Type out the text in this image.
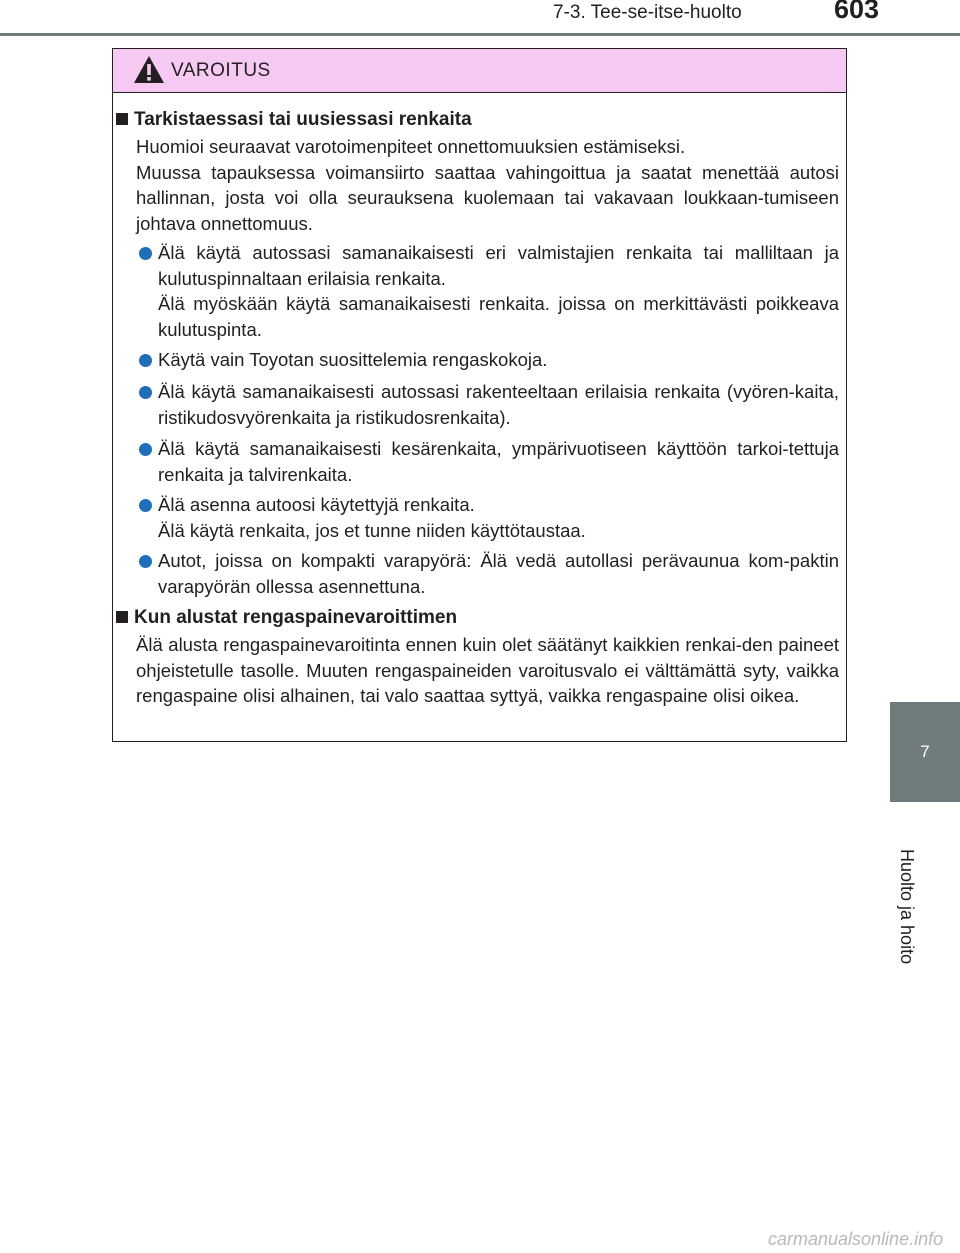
7-3. Tee-se-itse-huolto	603
7
Huolto ja hoito
VAROITUS
Tarkistaessasi tai uusiessasi renkaita

Huomioi seuraavat varotoimenpiteet onnettomuuksien estämiseksi.

Muussa tapauksessa voimansiirto saattaa vahingoittua ja saatat menettää autosi hallinnan, josta voi olla seurauksena kuolemaan tai vakavaan loukkaan-tumiseen johtava onnettomuus.

Älä käytä autossasi samanaikaisesti eri valmistajien renkaita tai malliltaan ja kulutuspinnaltaan erilaisia renkaita.

Älä myöskään käytä samanaikaisesti renkaita. joissa on merkittävästi poikkeava kulutuspinta.

Käytä vain Toyotan suosittelemia rengaskokoja.

Älä käytä samanaikaisesti autossasi rakenteeltaan erilaisia renkaita (vyören-kaita, ristikudosvyörenkaita ja ristikudosrenkaita).

Älä käytä samanaikaisesti kesärenkaita, ympärivuotiseen käyttöön tarkoi-tettuja renkaita ja talvirenkaita.

Älä asenna autoosi käytettyjä renkaita.

Älä käytä renkaita, jos et tunne niiden käyttötaustaa.

Autot, joissa on kompakti varapyörä: Älä vedä autollasi perävaunua kom-paktin varapyörän ollessa asennettuna.

Kun alustat rengaspainevaroittimen

Älä alusta rengaspainevaroitinta ennen kuin olet säätänyt kaikkien renkai-den paineet ohjeistetulle tasolle. Muuten rengaspaineiden varoitusvalo ei välttämättä syty, vaikka rengaspaine olisi alhainen, tai valo saattaa syttyä, vaikka rengaspaine olisi oikea.

carmanualsonline.info
